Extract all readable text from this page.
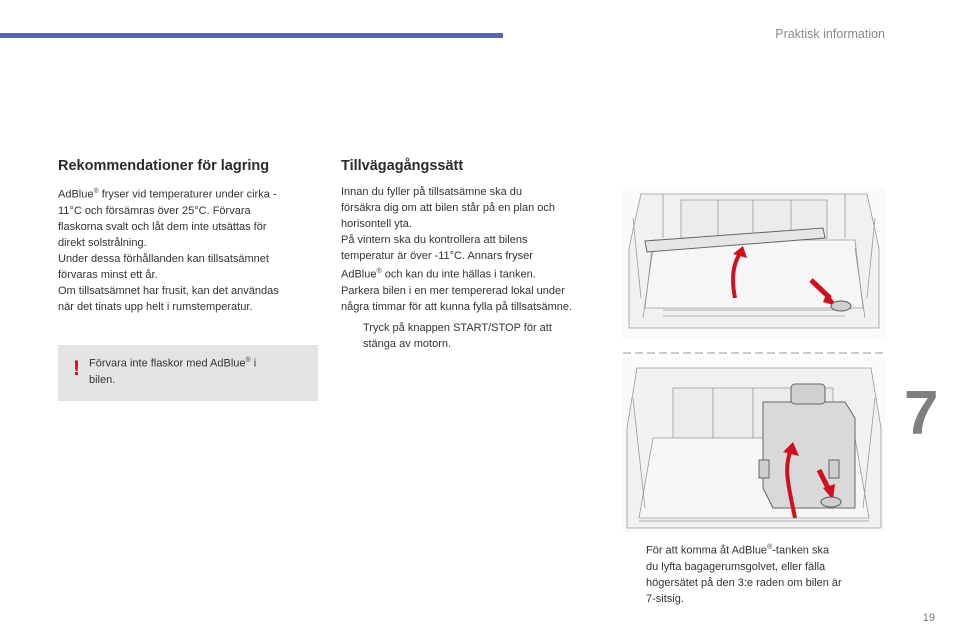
Praktisk information
Rekommendationer för lagring

AdBlue® fryser vid temperaturer under cirka -

11°C och försämras över 25°C. Förvara

flaskorna svalt och låt dem inte utsättas för

direkt solstrålning.

Under dessa förhållanden kan tillsatsämnet

förvaras minst ett år.

Om tillsatsämnet har frusit, kan det användas

när det tinats upp helt i rumstemperatur.

! Förvara inte flaskor med AdBlue® i
bilen.
Tillvägagångssätt

Innan du fyller på tillsatsämne ska du

försäkra dig om att bilen står på en plan och

horisontell yta.

På vintern ska du kontrollera att bilens

temperatur är över -11°C. Annars fryser

AdBlue® och kan du inte hällas i tanken.

Parkera bilen i en mer tempererad lokal under

några timmar för att kunna fylla på tillsatsämne.

Tryck på knappen START/STOP för att
stänga av motorn.
För att komma åt AdBlue®-tanken ska
du lyfta bagagerumsgolvet, eller fälla
högersätet på den 3:e raden om bilen är
7-sitsig.
7
19
